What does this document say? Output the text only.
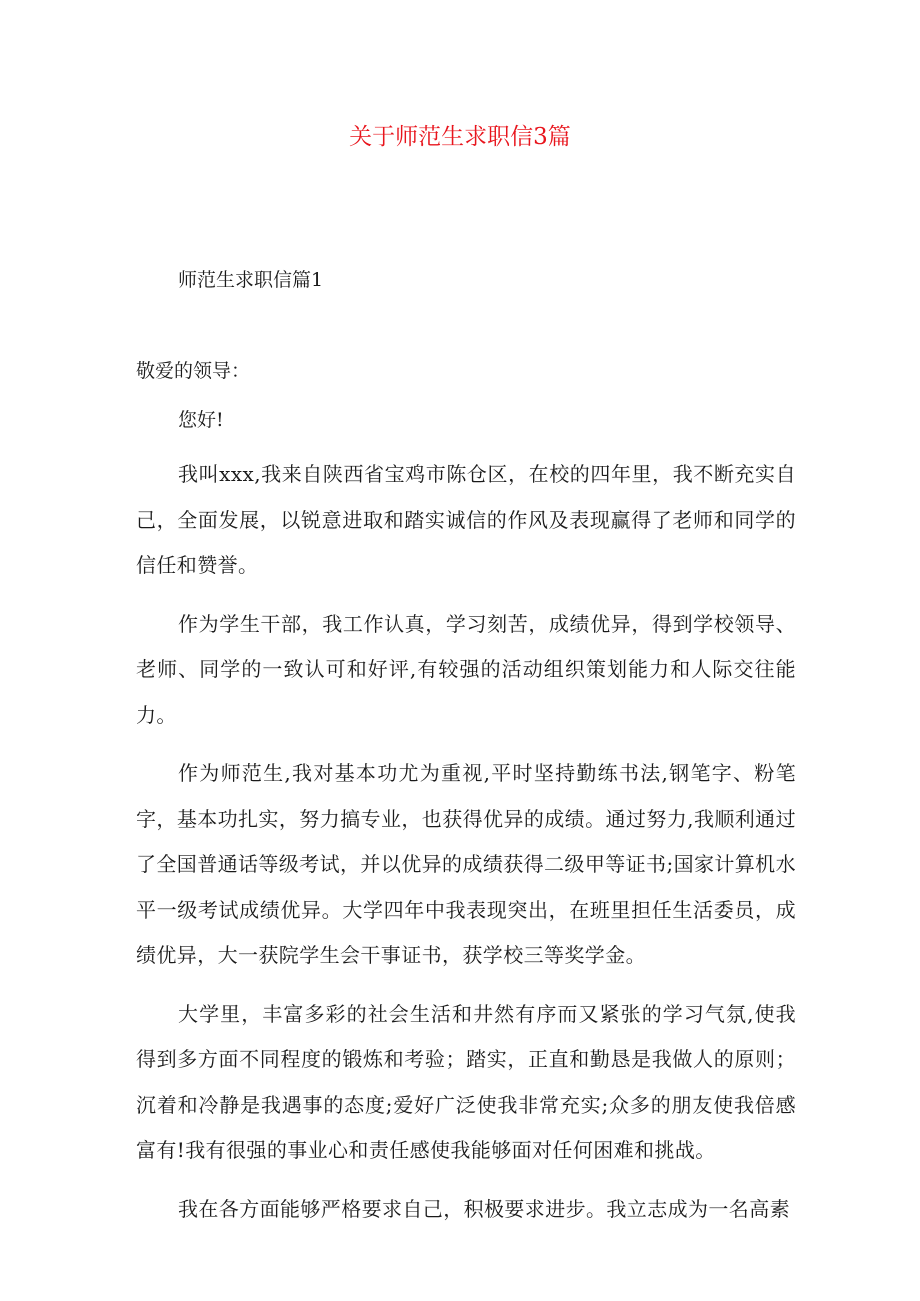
关于师范生求职信3篇
师范生求职信篇1
敬爱的领导：
您好!

我叫xxx,我来自陕西省宝鸡市陈仓区，在校的四年里，我不断充实自己，全面发展，以锐意进取和踏实诚信的作风及表现赢得了老师和同学的信任和赞誉。

作为学生干部，我工作认真，学习刻苦，成绩优异，得到学校领导、老师、同学的一致认可和好评,有较强的活动组织策划能力和人际交往能力。

作为师范生,我对基本功尤为重视,平时坚持勤练书法,钢笔字、粉笔字，基本功扎实，努力搞专业，也获得优异的成绩。通过努力,我顺利通过了全国普通话等级考试，并以优异的成绩获得二级甲等证书;国家计算机水平一级考试成绩优异。大学四年中我表现突出，在班里担任生活委员，成绩优异，大一获院学生会干事证书，获学校三等奖学金。

大学里，丰富多彩的社会生活和井然有序而又紧张的学习气氛,使我得到多方面不同程度的锻炼和考验；踏实，正直和勤恳是我做人的原则；沉着和冷静是我遇事的态度;爱好广泛使我非常充实;众多的朋友使我倍感富有!我有很强的事业心和责任感使我能够面对任何困难和挑战。

我在各方面能够严格要求自己，积极要求进步。我立志成为一名高素
